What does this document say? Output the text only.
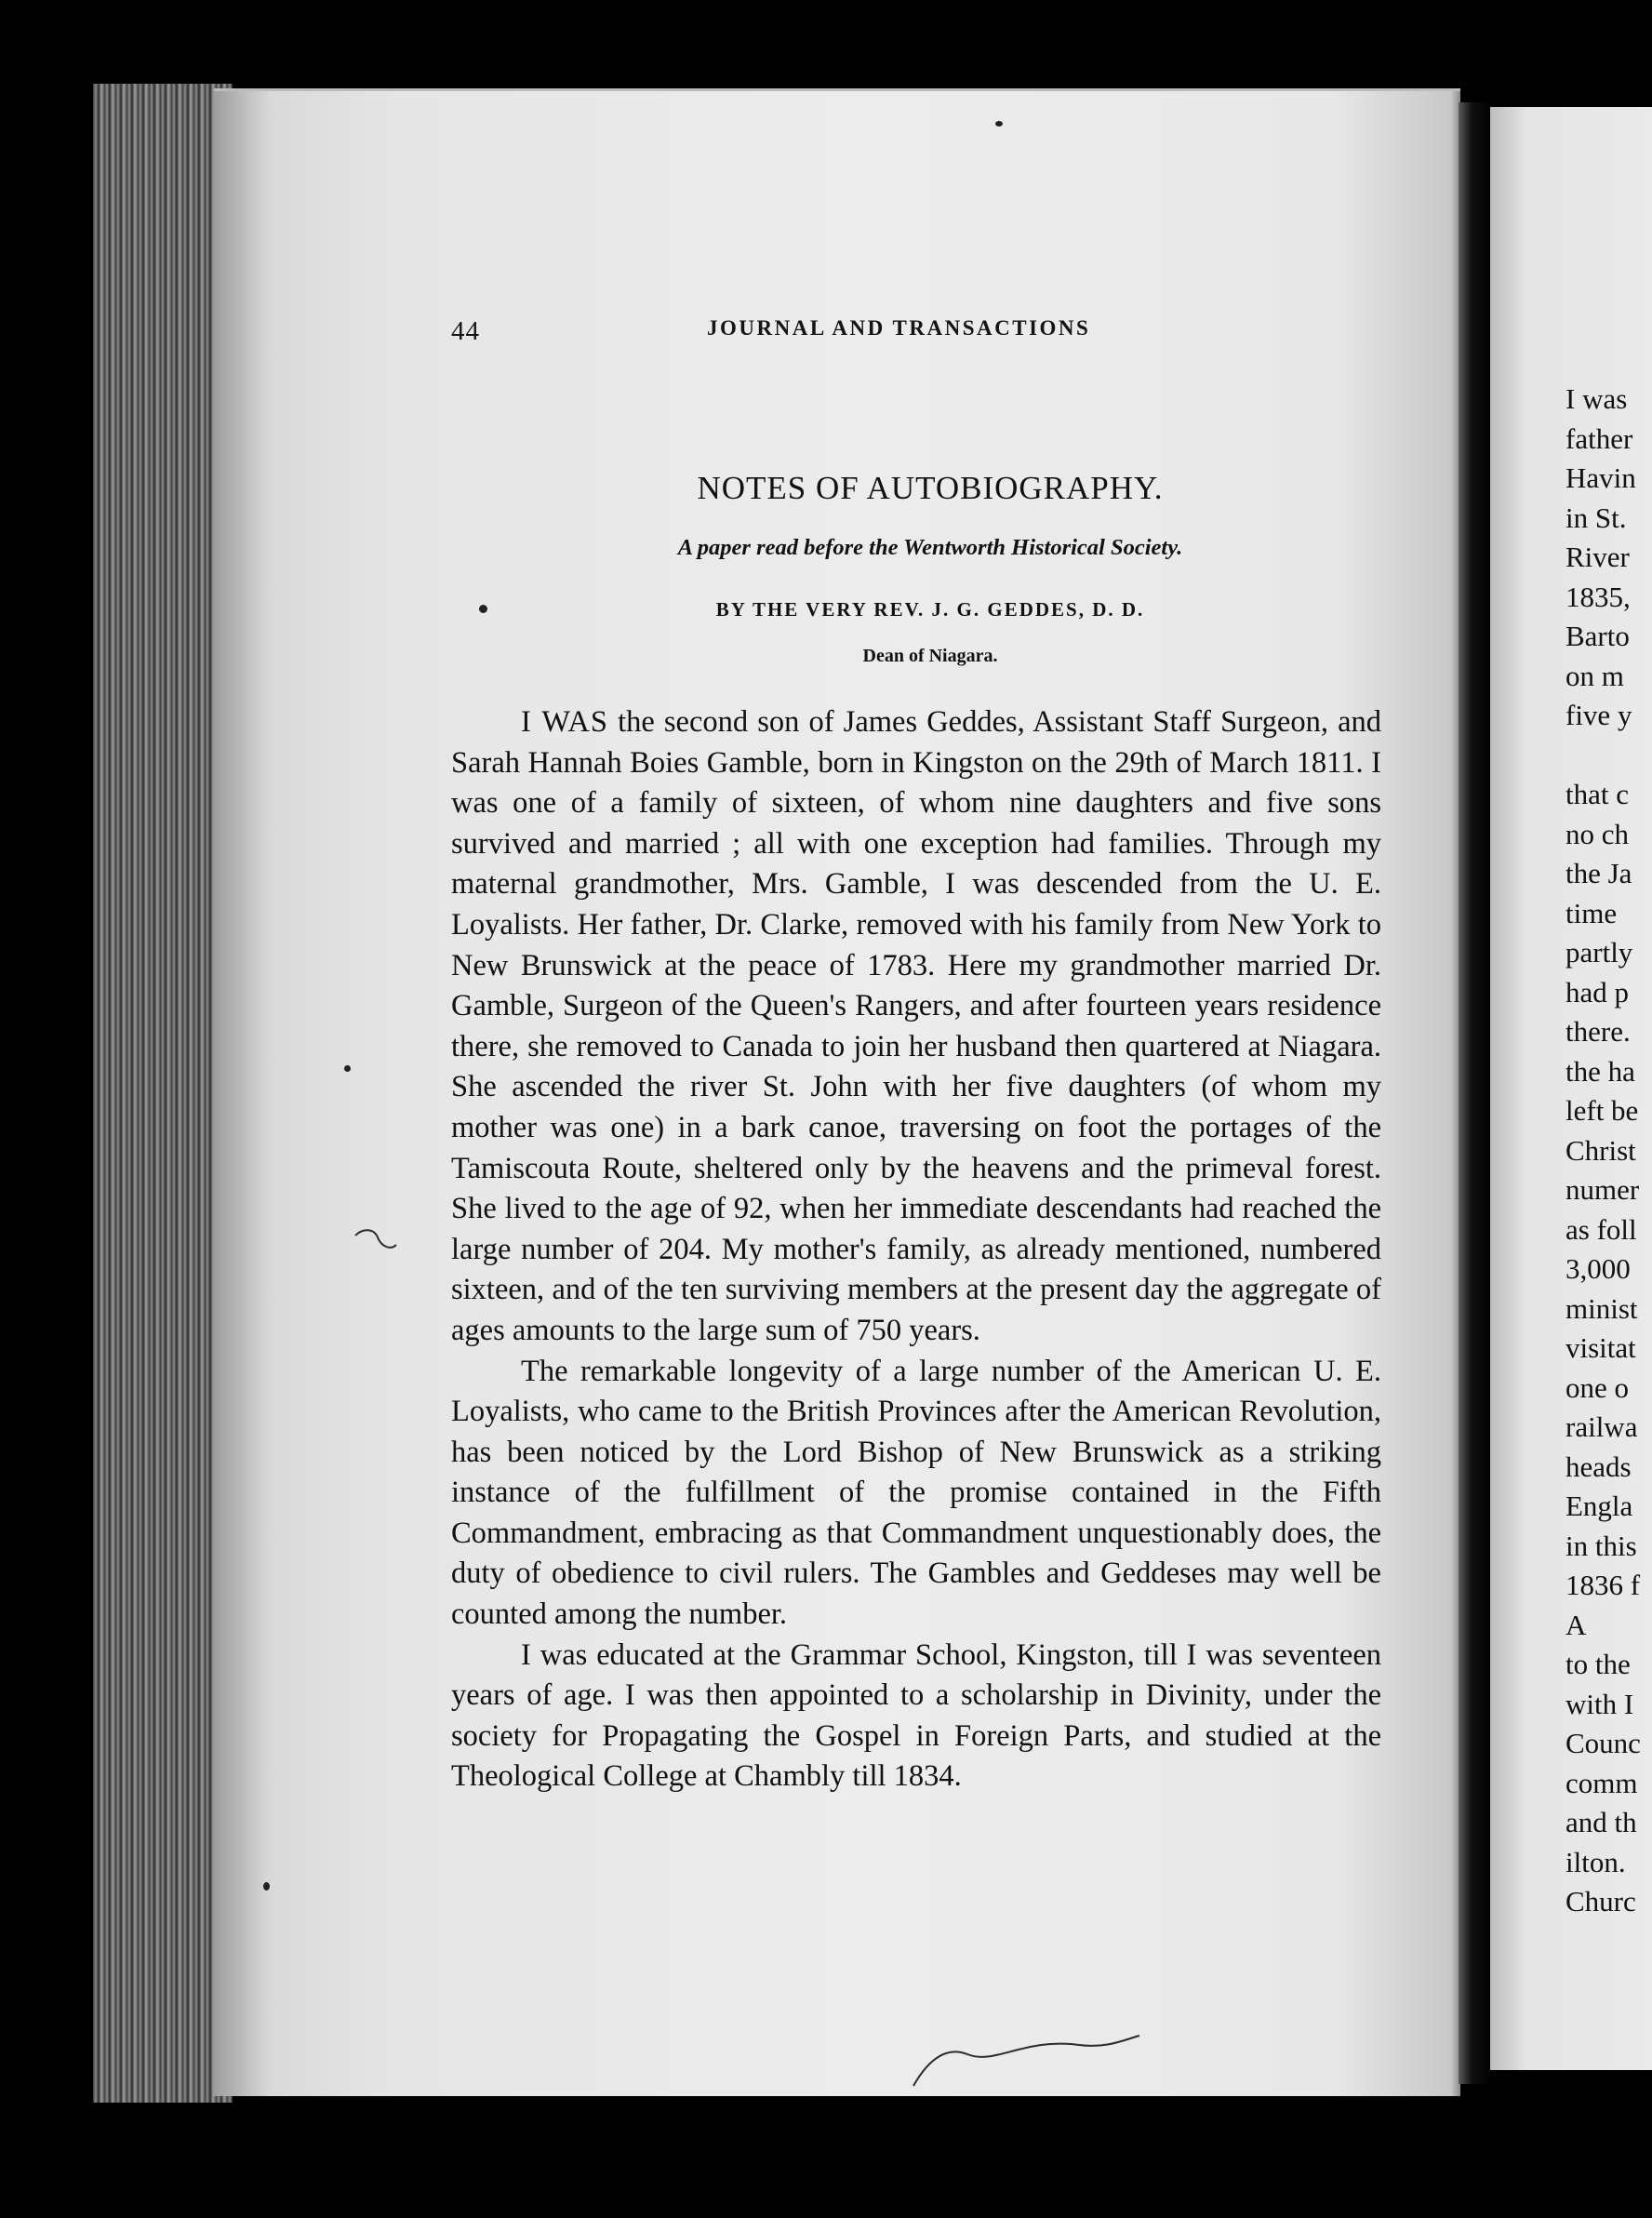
44	JOURNAL AND TRANSACTIONS
NOTES OF AUTOBIOGRAPHY.
A paper read before the Wentworth Historical Society.
BY THE VERY REV. J. G. GEDDES, D. D.
Dean of Niagara.

I WAS the second son of James Geddes, Assistant Staff Surgeon, and Sarah Hannah Boies Gamble, born in Kingston on the 29th of March 1811. I was one of a family of sixteen, of whom nine daughters and five sons survived and married ; all with one exception had families. Through my maternal grandmother, Mrs. Gamble, I was descended from the U. E. Loyalists. Her father, Dr. Clarke, removed with his family from New York to New Brunswick at the peace of 1783. Here my grandmother married Dr. Gamble, Surgeon of the Queen's Rangers, and after fourteen years residence there, she removed to Canada to join her husband then quartered at Niagara. She ascended the river St. John with her five daughters (of whom my mother was one) in a bark canoe, traversing on foot the portages of the Tamiscouta Route, sheltered only by the heavens and the primeval forest. She lived to the age of 92, when her immediate descendants had reached the large number of 204. My mother's family, as already mentioned, numbered sixteen, and of the ten surviving members at the present day the aggregate of ages amounts to the large sum of 750 years.

The remarkable longevity of a large number of the American U. E. Loyalists, who came to the British Provinces after the American Revolution, has been noticed by the Lord Bishop of New Brunswick as a striking instance of the fulfillment of the promise contained in the Fifth Commandment, embracing as that Commandment unquestionably does, the duty of obedience to civil rulers. The Gambles and Geddeses may well be counted among the number.

I was educated at the Grammar School, Kingston, till I was seventeen years of age. I was then appointed to a scholarship in Divinity, under the society for Propagating the Gospel in Foreign Parts, and studied at the Theological College at Chambly till 1834.

I was
father
Havin
in St.
River
1835,
Barto
on m
five y
that c
no ch
the Ja
time
partly
had p
there.
the ha
left be
Christ
numer
as foll
3,000
minist
visitat
one o
railwa
heads
Engla
in this
1836 f
A
to the
with I
Counc
comm
and th
ilton.
Churc
